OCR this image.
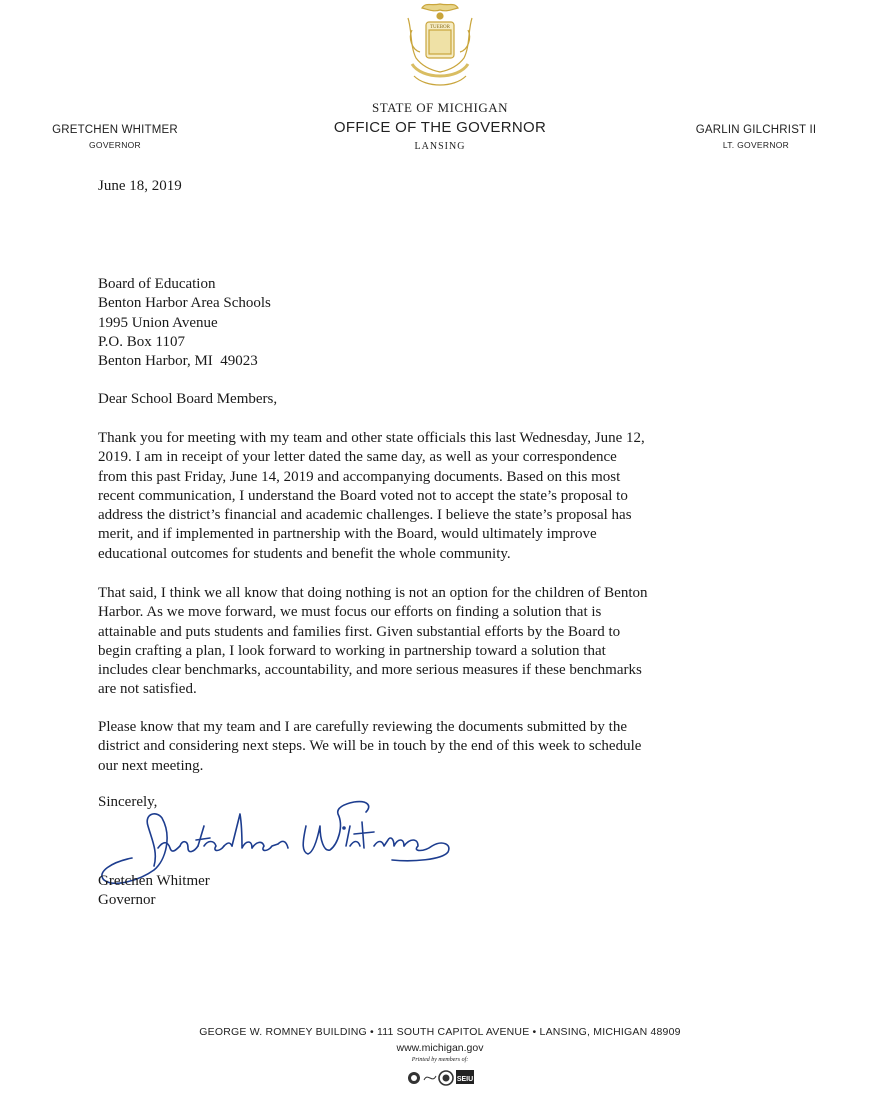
TUEBOR
STATE OF MICHIGAN
OFFICE OF THE GOVERNOR
LANSING
GRETCHEN WHITMER
GOVERNOR
GARLIN GILCHRIST II
LT. GOVERNOR
June 18, 2019
Board of Education
Benton Harbor Area Schools
1995 Union Avenue
P.O. Box 1107
Benton Harbor, MI  49023
Dear School Board Members,
Thank you for meeting with my team and other state officials this last Wednesday, June 12,
2019. I am in receipt of your letter dated the same day, as well as your correspondence
from this past Friday, June 14, 2019 and accompanying documents. Based on this most
recent communication, I understand the Board voted not to accept the state’s proposal to
address the district’s financial and academic challenges. I believe the state’s proposal has
merit, and if implemented in partnership with the Board, would ultimately improve
educational outcomes for students and benefit the whole community.
That said, I think we all know that doing nothing is not an option for the children of Benton
Harbor. As we move forward, we must focus our efforts on finding a solution that is
attainable and puts students and families first. Given substantial efforts by the Board to
begin crafting a plan, I look forward to working in partnership toward a solution that
includes clear benchmarks, accountability, and more serious measures if these benchmarks
are not satisfied.
Please know that my team and I are carefully reviewing the documents submitted by the
district and considering next steps. We will be in touch by the end of this week to schedule
our next meeting.
Sincerely,
Gretchen Whitmer
Governor
GEORGE W. ROMNEY BUILDING • 111 SOUTH CAPITOL AVENUE • LANSING, MICHIGAN 48909
www.michigan.gov
Printed by members of:
SEIU
